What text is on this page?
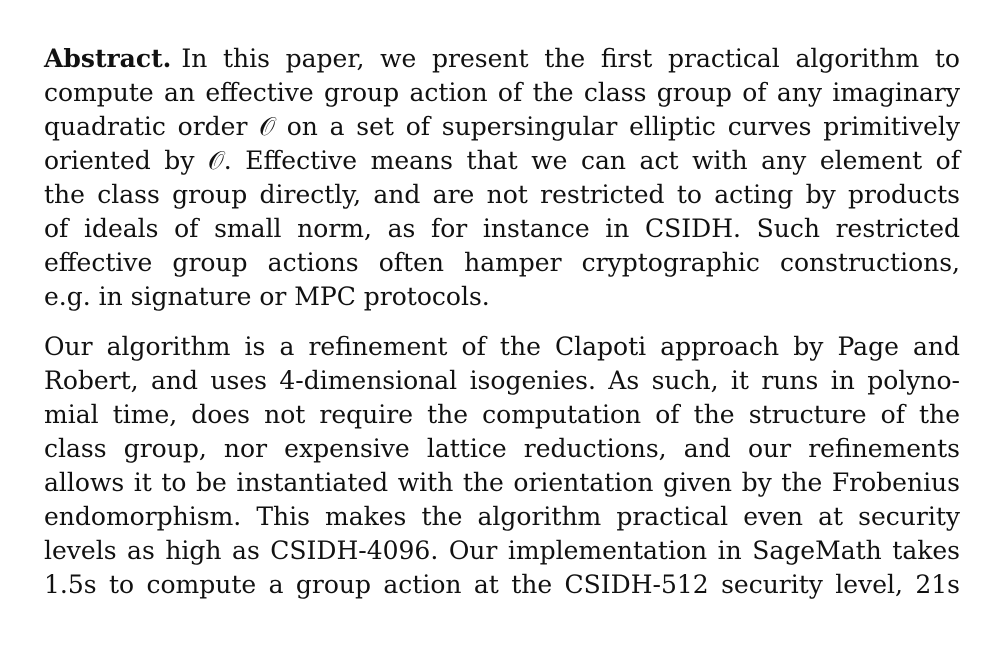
Abstract. In this paper, we present the first practical algorithm to
compute an effective group action of the class group of any imaginary
quadratic order 𝒪 on a set of supersingular elliptic curves primitively
oriented by 𝒪. Effective means that we can act with any element of
the class group directly, and are not restricted to acting by products
of ideals of small norm, as for instance in CSIDH. Such restricted
effective group actions often hamper cryptographic constructions,
e.g. in signature or MPC protocols.
Our algorithm is a refinement of the Clapoti approach by Page and
Robert, and uses 4-dimensional isogenies. As such, it runs in polyno-
mial time, does not require the computation of the structure of the
class group, nor expensive lattice reductions, and our refinements
allows it to be instantiated with the orientation given by the Frobenius
endomorphism. This makes the algorithm practical even at security
levels as high as CSIDH-4096. Our implementation in SageMath takes
1.5s to compute a group action at the CSIDH-512 security level, 21s
